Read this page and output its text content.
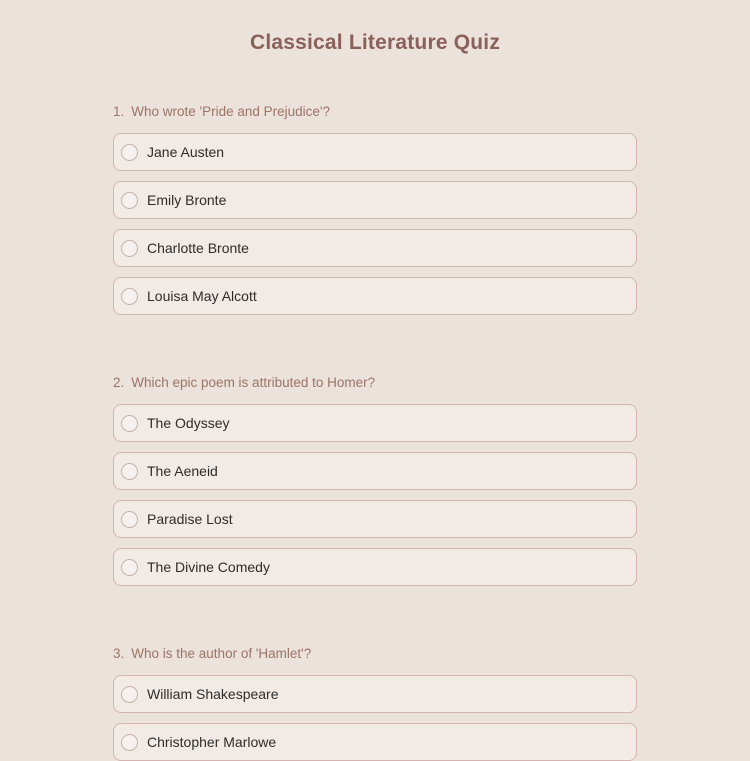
Classical Literature Quiz
1. Who wrote 'Pride and Prejudice'?
Jane Austen
Emily Bronte
Charlotte Bronte
Louisa May Alcott
2. Which epic poem is attributed to Homer?
The Odyssey
The Aeneid
Paradise Lost
The Divine Comedy
3. Who is the author of 'Hamlet'?
William Shakespeare
Christopher Marlowe
